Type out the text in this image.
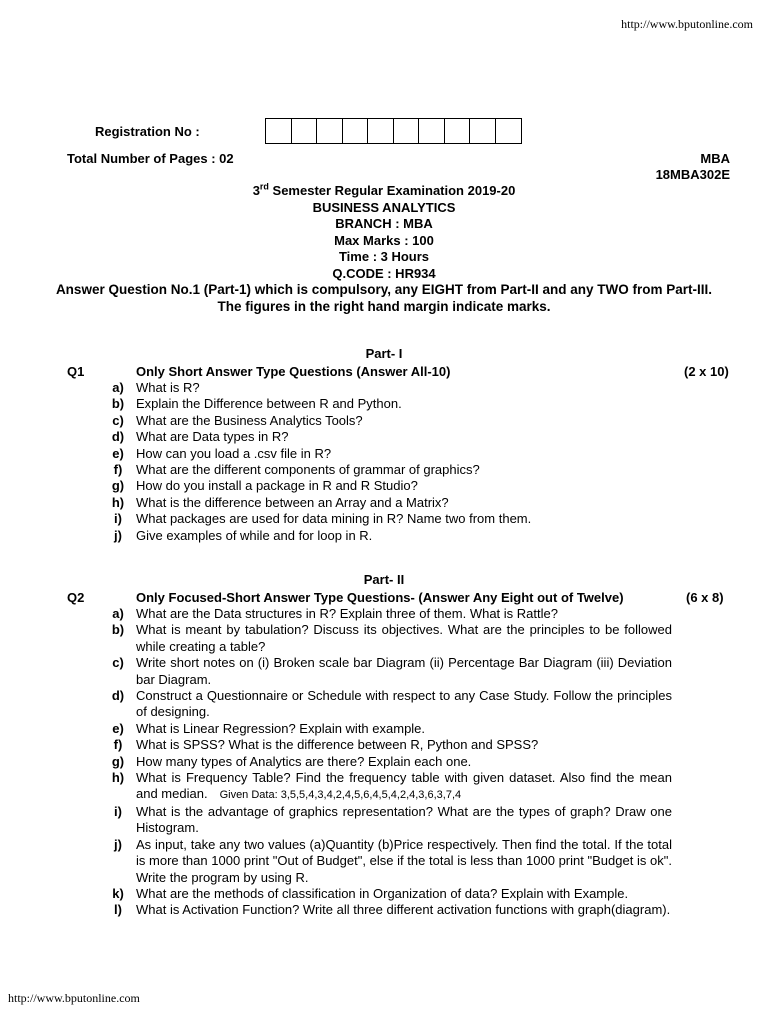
http://www.bputonline.com
Registration No :
Total Number of Pages : 02	MBA
18MBA302E
3rd Semester Regular Examination 2019-20
BUSINESS ANALYTICS
BRANCH : MBA
Max Marks : 100
Time : 3 Hours
Q.CODE : HR934
Answer Question No.1 (Part-1) which is compulsory, any EIGHT from Part-II and any TWO from Part-III.
The figures in the right hand margin indicate marks.
Part- I
Q1	Only Short Answer Type Questions (Answer All-10)	(2 x 10)
a) What is R?
b) Explain the Difference between R and Python.
c) What are the Business Analytics Tools?
d) What are Data types in R?
e) How can you load a .csv file in R?
f)	What are the different components of grammar of graphics?
g) How do you install a package in R and R Studio?
h) What is the difference between an Array and a Matrix?
i)	What packages are used for data mining in R? Name two from them.
j)	Give examples of while and for loop in R.
Part- II
Q2	Only Focused-Short Answer Type Questions- (Answer Any Eight out of Twelve)	(6 x 8)
a) What are the Data structures in R? Explain three of them. What is Rattle?
b) What is meant by tabulation? Discuss its objectives. What are the principles to be followed while creating a table?
c) Write short notes on (i) Broken scale bar Diagram (ii) Percentage Bar Diagram (iii) Deviation bar Diagram.
d) Construct a Questionnaire or Schedule with respect to any Case Study. Follow the principles of designing.
e) What is Linear Regression? Explain with example.
f)	What is SPSS? What is the difference between R, Python and SPSS?
g) How many types of Analytics are there? Explain each one.
h) What is Frequency Table? Find the frequency table with given dataset. Also find the mean and median. Given Data: 3,5,5,4,3,4,2,4,5,6,4,5,4,2,4,3,6,3,7,4
i)	What is the advantage of graphics representation? What are the types of graph? Draw one Histogram.
j)	As input, take any two values (a)Quantity (b)Price respectively. Then find the total. If the total is more than 1000 print "Out of Budget", else if the total is less than 1000 print "Budget is ok". Write the program by using R.
k) What are the methods of classification in Organization of data? Explain with Example.
l)	What is Activation Function? Write all three different activation functions with graph(diagram).
http://www.bputonline.com
